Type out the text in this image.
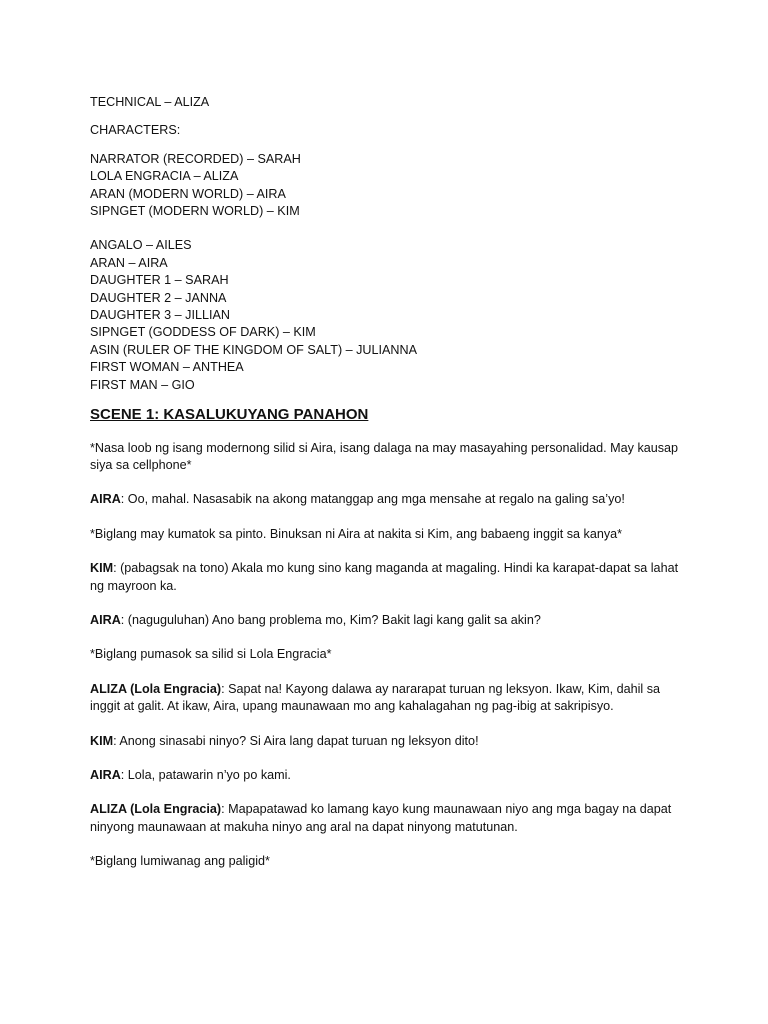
TECHNICAL – ALIZA
CHARACTERS:
NARRATOR (RECORDED) – SARAH
LOLA ENGRACIA – ALIZA
ARAN (MODERN WORLD) – AIRA
SIPNGET (MODERN WORLD) – KIM
ANGALO – AILES
ARAN – AIRA
DAUGHTER 1 – SARAH
DAUGHTER 2 – JANNA
DAUGHTER 3 – JILLIAN
SIPNGET (GODDESS OF DARK) – KIM
ASIN (RULER OF THE KINGDOM OF SALT) – JULIANNA
FIRST WOMAN – ANTHEA
FIRST MAN – GIO
SCENE 1: KASALUKUYANG PANAHON

*Nasa loob ng isang modernong silid si Aira, isang dalaga na may masayahing personalidad. May kausap siya sa cellphone*

AIRA: Oo, mahal. Nasasabik na akong matanggap ang mga mensahe at regalo na galing sa’yo!

*Biglang may kumatok sa pinto. Binuksan ni Aira at nakita si Kim, ang babaeng inggit sa kanya*

KIM: (pabagsak na tono) Akala mo kung sino kang maganda at magaling. Hindi ka karapat-dapat sa lahat ng mayroon ka.

AIRA: (naguguluhan) Ano bang problema mo, Kim? Bakit lagi kang galit sa akin?

*Biglang pumasok sa silid si Lola Engracia*

ALIZA (Lola Engracia): Sapat na! Kayong dalawa ay nararapat turuan ng leksyon. Ikaw, Kim, dahil sa inggit at galit. At ikaw, Aira, upang maunawaan mo ang kahalagahan ng pag-ibig at sakripisyo.

KIM: Anong sinasabi ninyo? Si Aira lang dapat turuan ng leksyon dito!

AIRA: Lola, patawarin n’yo po kami.

ALIZA (Lola Engracia): Mapapatawad ko lamang kayo kung maunawaan niyo ang mga bagay na dapat ninyong maunawaan at makuha ninyo ang aral na dapat ninyong matutunan.

*Biglang lumiwanag ang paligid*
